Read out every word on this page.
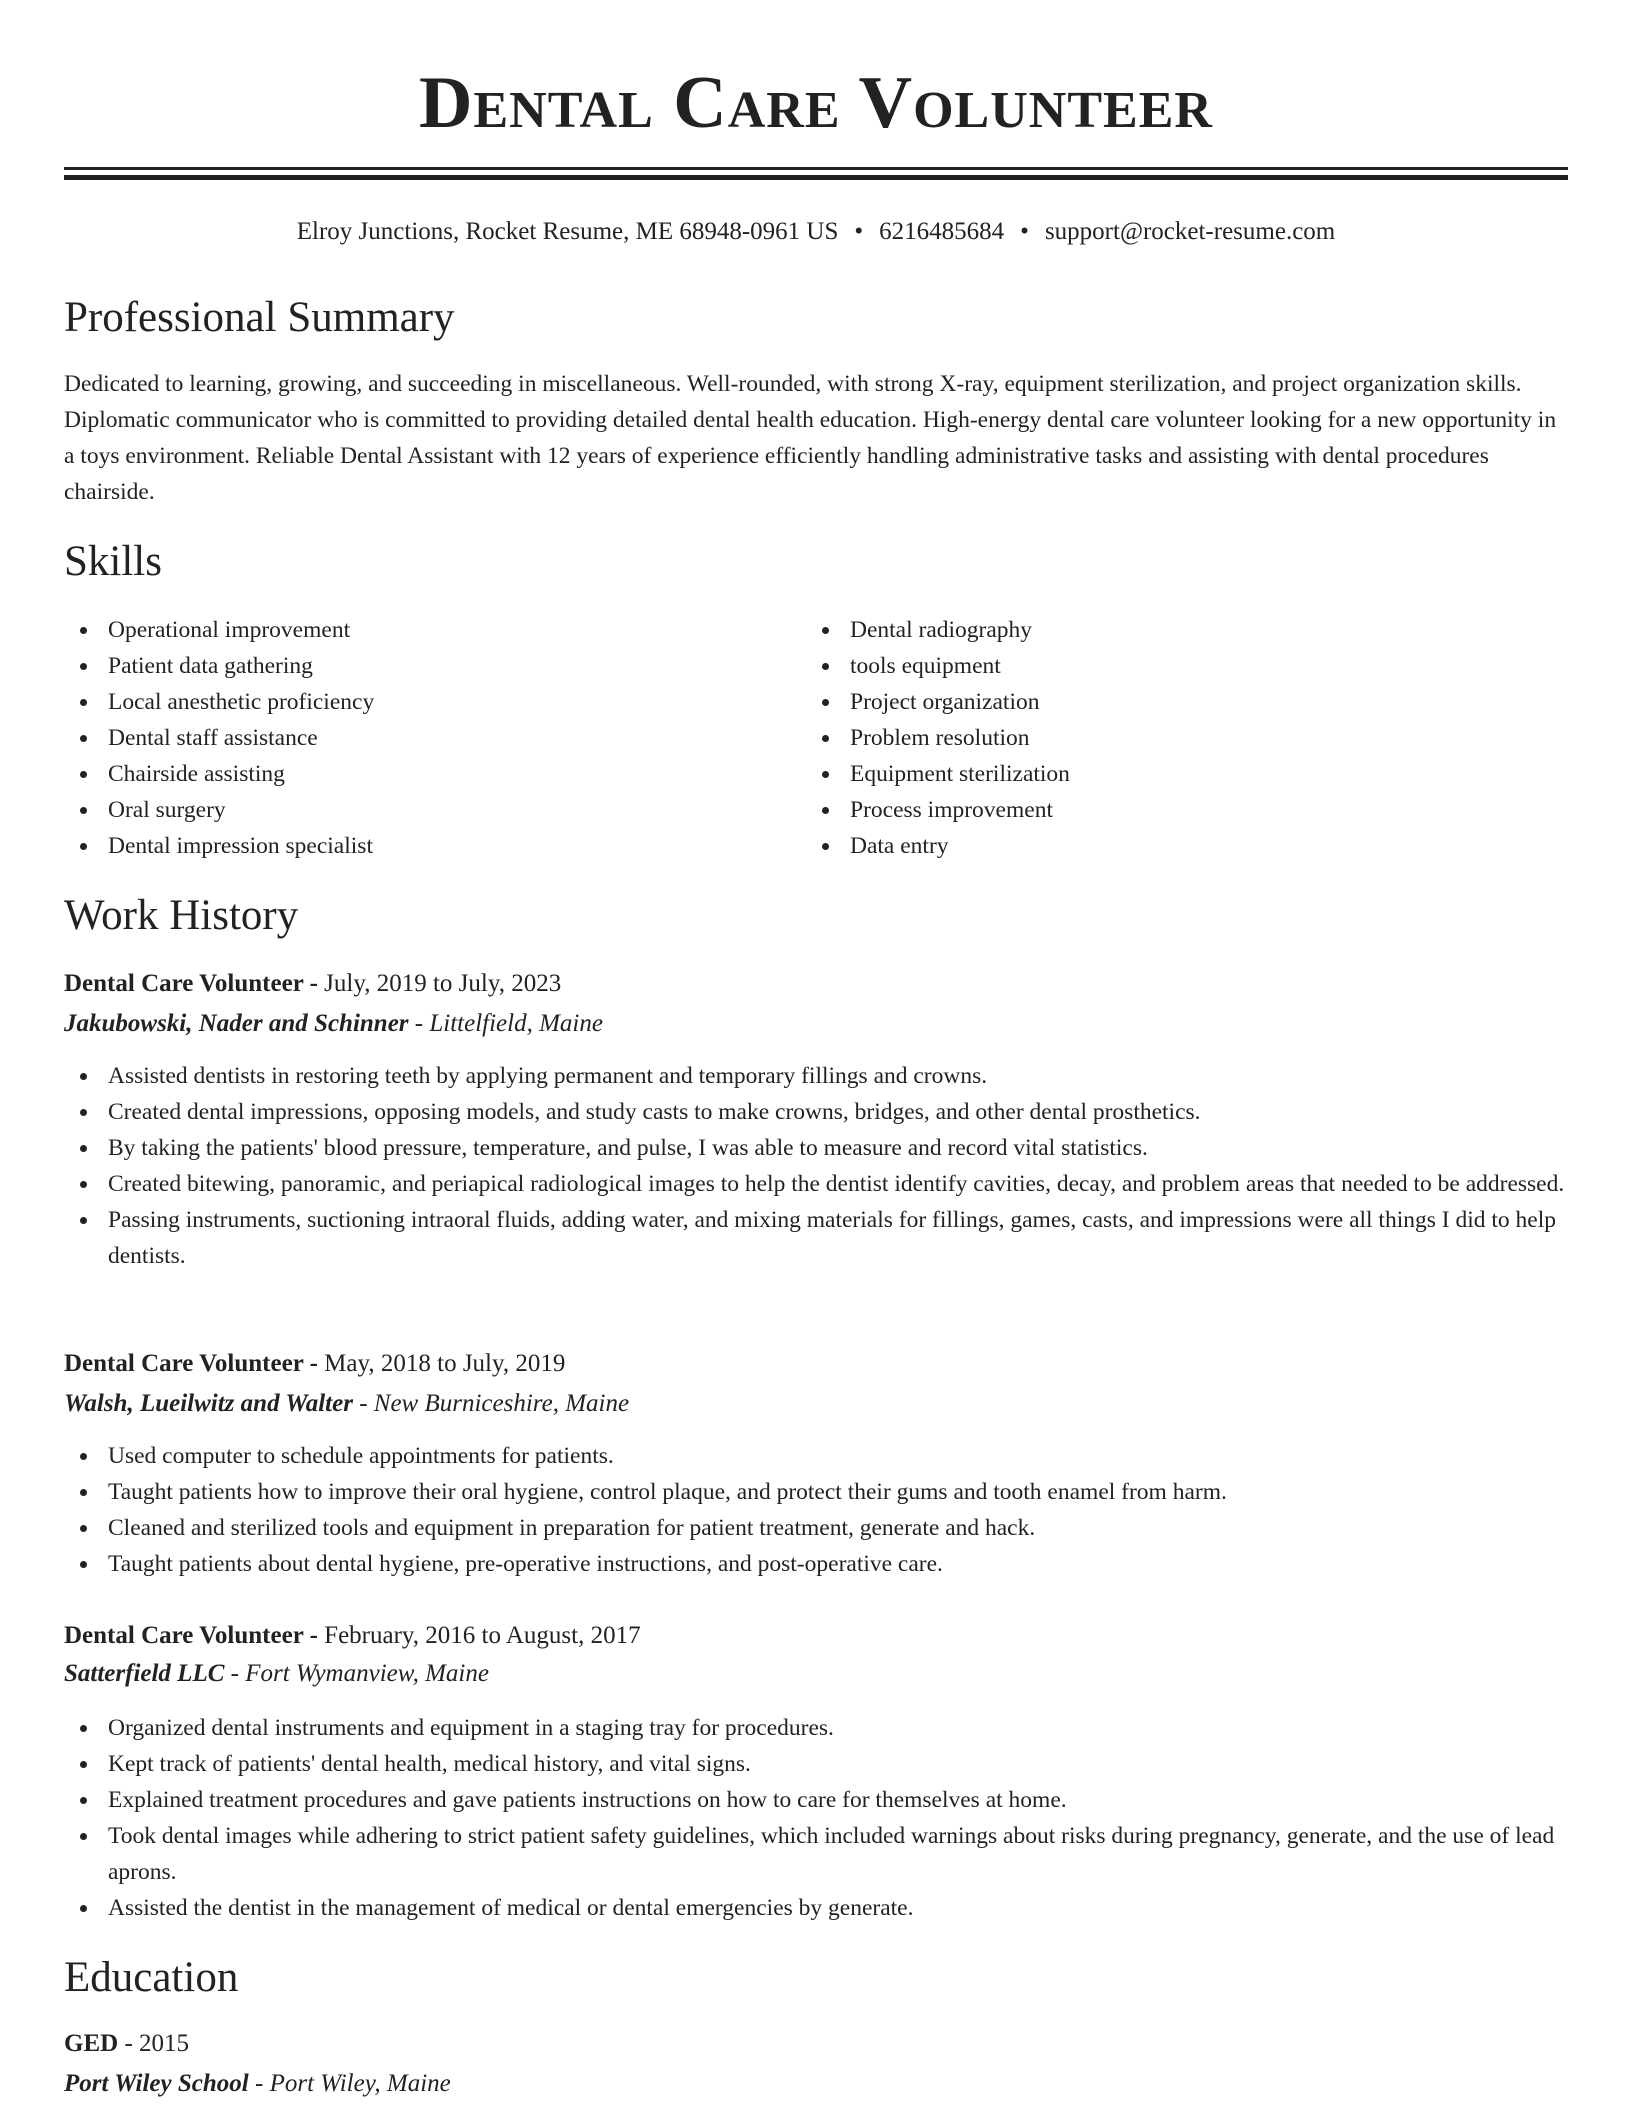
Dental Care Volunteer
Elroy Junctions, Rocket Resume, ME 68948-0961 US • 6216485684 • support@rocket-resume.com
Professional Summary

Dedicated to learning, growing, and succeeding in miscellaneous. Well-rounded, with strong X-ray, equipment sterilization, and project organization skills. Diplomatic communicator who is committed to providing detailed dental health education. High-energy dental care volunteer looking for a new opportunity in a toys environment. Reliable Dental Assistant with 12 years of experience efficiently handling administrative tasks and assisting with dental procedures chairside.

Skills
Operational improvement
Patient data gathering
Local anesthetic proficiency
Dental staff assistance
Chairside assisting
Oral surgery
Dental impression specialist
Dental radiography
tools equipment
Project organization
Problem resolution
Equipment sterilization
Process improvement
Data entry
Work History
Dental Care Volunteer - July, 2019 to July, 2023
Jakubowski, Nader and Schinner - Littelfield, Maine
Assisted dentists in restoring teeth by applying permanent and temporary fillings and crowns.
Created dental impressions, opposing models, and study casts to make crowns, bridges, and other dental prosthetics.
By taking the patients' blood pressure, temperature, and pulse, I was able to measure and record vital statistics.
Created bitewing, panoramic, and periapical radiological images to help the dentist identify cavities, decay, and problem areas that needed to be addressed.
Passing instruments, suctioning intraoral fluids, adding water, and mixing materials for fillings, games, casts, and impressions were all things I did to help dentists.
Dental Care Volunteer - May, 2018 to July, 2019
Walsh, Lueilwitz and Walter - New Burniceshire, Maine
Used computer to schedule appointments for patients.
Taught patients how to improve their oral hygiene, control plaque, and protect their gums and tooth enamel from harm.
Cleaned and sterilized tools and equipment in preparation for patient treatment, generate and hack.
Taught patients about dental hygiene, pre-operative instructions, and post-operative care.
Dental Care Volunteer - February, 2016 to August, 2017
Satterfield LLC - Fort Wymanview, Maine
Organized dental instruments and equipment in a staging tray for procedures.
Kept track of patients' dental health, medical history, and vital signs.
Explained treatment procedures and gave patients instructions on how to care for themselves at home.
Took dental images while adhering to strict patient safety guidelines, which included warnings about risks during pregnancy, generate, and the use of lead aprons.
Assisted the dentist in the management of medical or dental emergencies by generate.
Education
GED - 2015
Port Wiley School - Port Wiley, Maine
